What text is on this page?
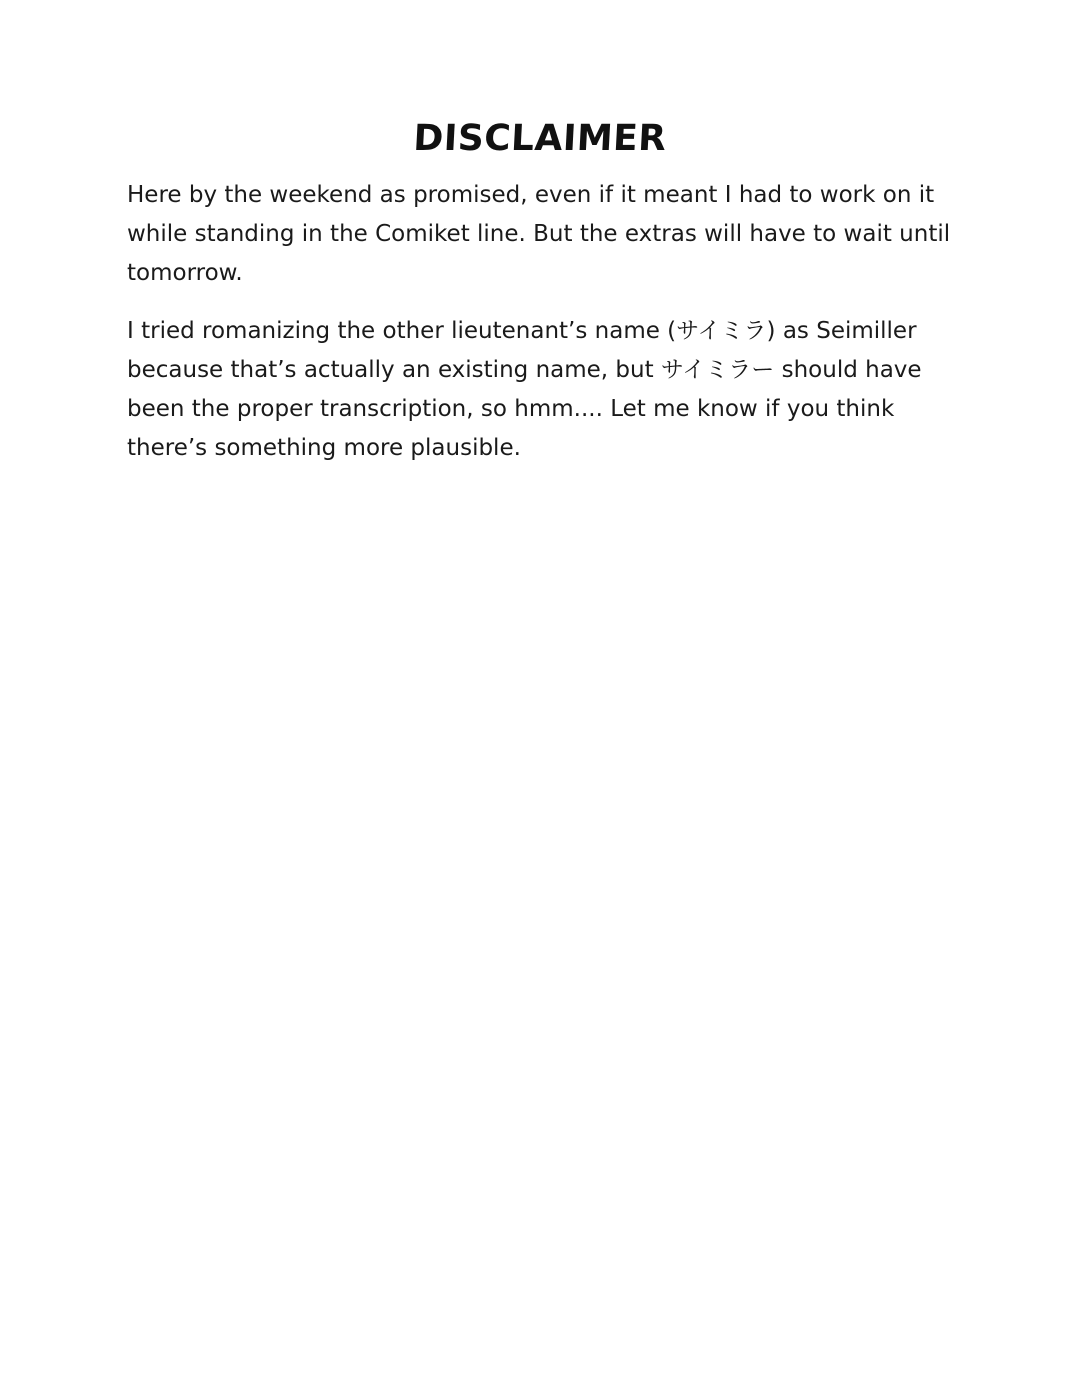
DISCLAIMER

Here by the weekend as promised, even if it meant I had to work on it while standing in the Comiket line. But the extras will have to wait until tomorrow.

I tried romanizing the other lieutenant’s name (サイミラ) as Seimiller because that’s actually an existing name, but サイミラー should have been the proper transcription, so hmm.... Let me know if you think there’s something more plausible.
